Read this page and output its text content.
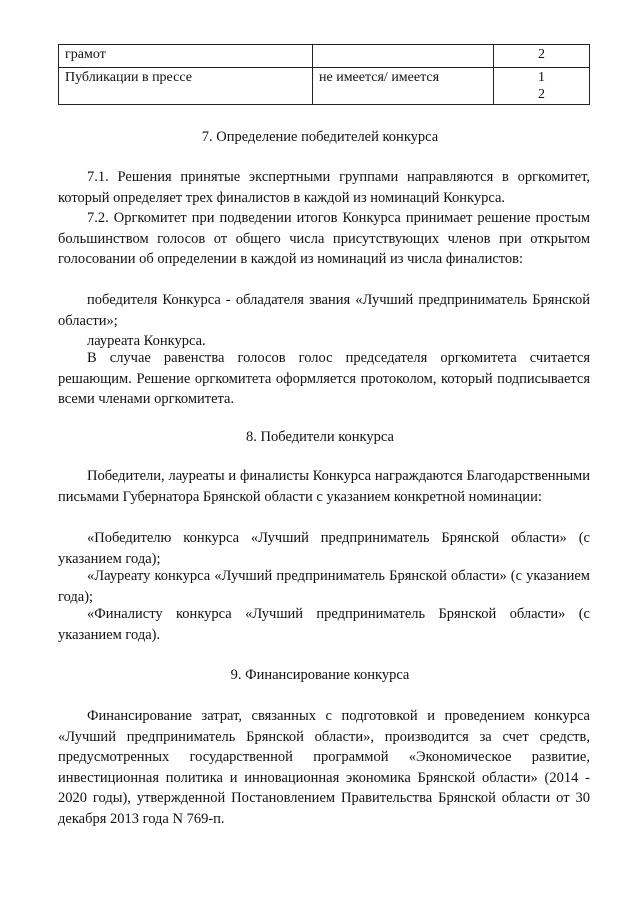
грамот		2
Публикации в прессе	не имеется/ имеется	1
2
7. Определение победителей конкурса
7.1. Решения принятые экспертными группами направляются в оргкомитет, который определяет трех финалистов в каждой из номинаций Конкурса.
7.2. Оргкомитет при подведении итогов Конкурса принимает решение простым большинством голосов от общего числа присутствующих членов при открытом голосовании об определении в каждой из номинаций из числа финалистов:
победителя Конкурса - обладателя звания «Лучший предприниматель Брянской области»;
лауреата Конкурса.
В случае равенства голосов голос председателя оргкомитета считается решающим. Решение оргкомитета оформляется протоколом, который подписывается всеми членами оргкомитета.
8. Победители конкурса
Победители, лауреаты и финалисты Конкурса награждаются Благодарственными письмами Губернатора Брянской области с указанием конкретной номинации:
«Победителю конкурса «Лучший предприниматель Брянской области» (с указанием года);
«Лауреату конкурса «Лучший предприниматель Брянской области» (с указанием года);
«Финалисту конкурса «Лучший предприниматель Брянской области» (с указанием года).
9. Финансирование конкурса
Финансирование затрат, связанных с подготовкой и проведением конкурса «Лучший предприниматель Брянской области», производится за счет средств, предусмотренных государственной программой «Экономическое развитие, инвестиционная политика и инновационная экономика Брянской области» (2014 - 2020 годы), утвержденной Постановлением Правительства Брянской области от 30 декабря 2013 года N 769-п.
